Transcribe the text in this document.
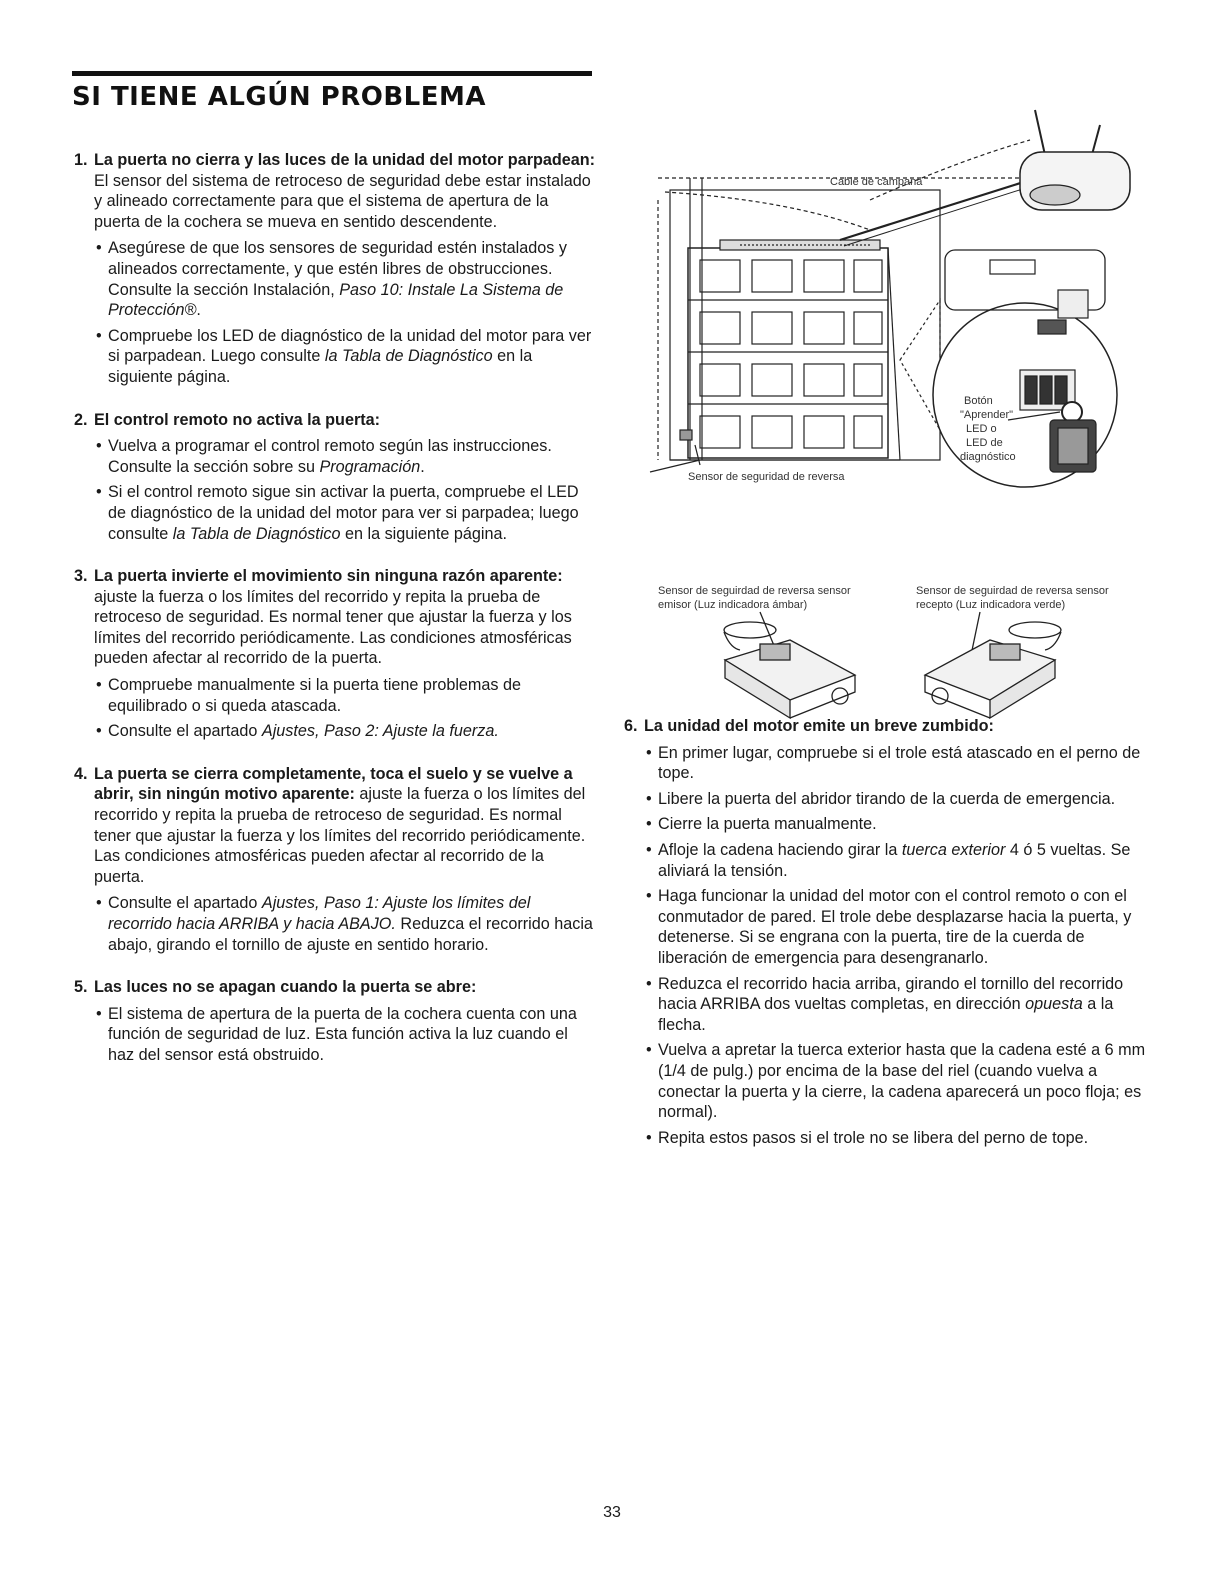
SI TIENE ALGÚN PROBLEMA
1. La puerta no cierra y las luces de la unidad del motor parpadean: El sensor del sistema de retroceso de seguridad debe estar instalado y alineado correctamente para que el sistema de apertura de la puerta de la cochera se mueva en sentido descendente.
• Asegúrese de que los sensores de seguridad estén instalados y alineados correctamente, y que estén libres de obstrucciones. Consulte la sección Instalación, Paso 10: Instale La Sistema de Protección®.
• Compruebe los LED de diagnóstico de la unidad del motor para ver si parpadean. Luego consulte la Tabla de Diagnóstico en la siguiente página.
2. El control remoto no activa la puerta:
• Vuelva a programar el control remoto según las instrucciones. Consulte la sección sobre su Programación.
• Si el control remoto sigue sin activar la puerta, compruebe el LED de diagnóstico de la unidad del motor para ver si parpadea; luego consulte la Tabla de Diagnóstico en la siguiente página.
3. La puerta invierte el movimiento sin ninguna razón aparente: ajuste la fuerza o los límites del recorrido y repita la prueba de retroceso de seguridad. Es normal tener que ajustar la fuerza y los límites del recorrido periódicamente. Las condiciones atmosféricas pueden afectar al recorrido de la puerta.
• Compruebe manualmente si la puerta tiene problemas de equilibrado o si queda atascada.
• Consulte el apartado Ajustes, Paso 2: Ajuste la fuerza.
4. La puerta se cierra completamente, toca el suelo y se vuelve a abrir, sin ningún motivo aparente: ajuste la fuerza o los límites del recorrido y repita la prueba de retroceso de seguridad. Es normal tener que ajustar la fuerza y los límites del recorrido periódicamente. Las condiciones atmosféricas pueden afectar al recorrido de la puerta.
• Consulte el apartado Ajustes, Paso 1: Ajuste los límites del recorrido hacia ARRIBA y hacia ABAJO. Reduzca el recorrido hacia abajo, girando el tornillo de ajuste en sentido horario.
5. Las luces no se apagan cuando la puerta se abre:
• El sistema de apertura de la puerta de la cochera cuenta con una función de seguridad de luz. Esta función activa la luz cuando el haz del sensor está obstruido.
Cable de campana
Botón
"Aprender"
LED o
LED de
diagnóstico
Sensor de seguridad de reversa
Sensor de seguirdad de reversa sensor
emisor (Luz indicadora ámbar)
Sensor de seguirdad de reversa sensor
recepto (Luz indicadora verde)
6. La unidad del motor emite un breve zumbido:
• En primer lugar, compruebe si el trole está atascado en el perno de tope.
• Libere la puerta del abridor tirando de la cuerda de emergencia.
• Cierre la puerta manualmente.
• Afloje la cadena haciendo girar la tuerca exterior 4 ó 5 vueltas. Se aliviará la tensión.
• Haga funcionar la unidad del motor con el control remoto o con el conmutador de pared. El trole debe desplazarse hacia la puerta, y detenerse. Si se engrana con la puerta, tire de la cuerda de liberación de emergencia para desengranarlo.
• Reduzca el recorrido hacia arriba, girando el tornillo del recorrido hacia ARRIBA dos vueltas completas, en dirección opuesta a la flecha.
• Vuelva a apretar la tuerca exterior hasta que la cadena esté a 6 mm (1/4 de pulg.) por encima de la base del riel (cuando vuelva a conectar la puerta y la cierre, la cadena aparecerá un poco floja; es normal).
• Repita estos pasos si el trole no se libera del perno de tope.
33
